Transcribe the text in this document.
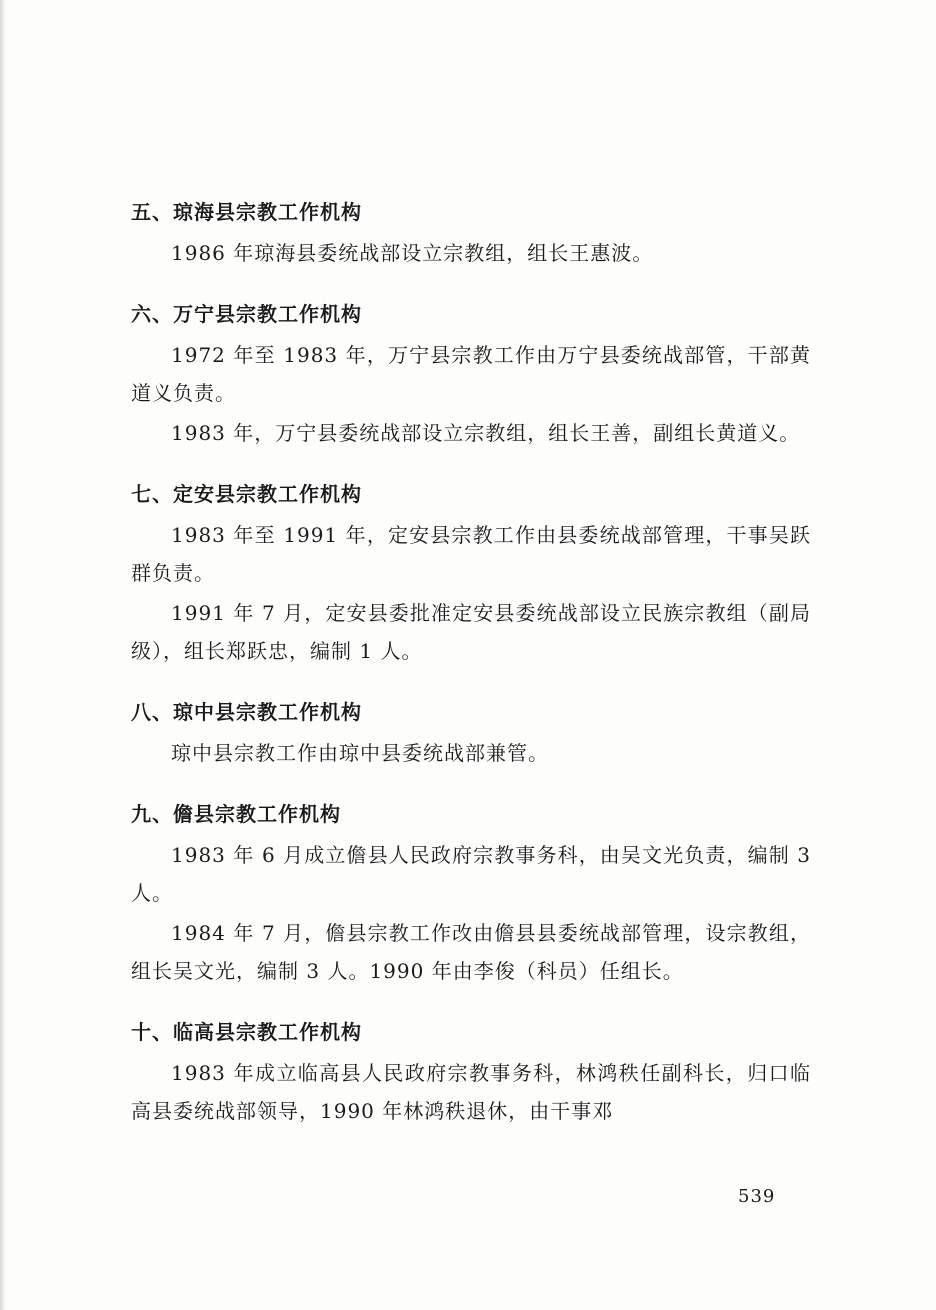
五、琼海县宗教工作机构

1986 年琼海县委统战部设立宗教组，组长王惠波。

六、万宁县宗教工作机构

1972 年至 1983 年，万宁县宗教工作由万宁县委统战部管，干部黄道义负责。

1983 年，万宁县委统战部设立宗教组，组长王善，副组长黄道义。

七、定安县宗教工作机构

1983 年至 1991 年，定安县宗教工作由县委统战部管理，干事吴跃群负责。

1991 年 7 月，定安县委批准定安县委统战部设立民族宗教组（副局级），组长郑跃忠，编制 1 人。

八、琼中县宗教工作机构

琼中县宗教工作由琼中县委统战部兼管。

九、儋县宗教工作机构

1983 年 6 月成立儋县人民政府宗教事务科，由吴文光负责，编制 3 人。

1984 年 7 月，儋县宗教工作改由儋县县委统战部管理，设宗教组，组长吴文光，编制 3 人。1990 年由李俊（科员）任组长。

十、临高县宗教工作机构

1983 年成立临高县人民政府宗教事务科，林鸿秩任副科长，归口临高县委统战部领导，1990 年林鸿秩退休，由干事邓

539
